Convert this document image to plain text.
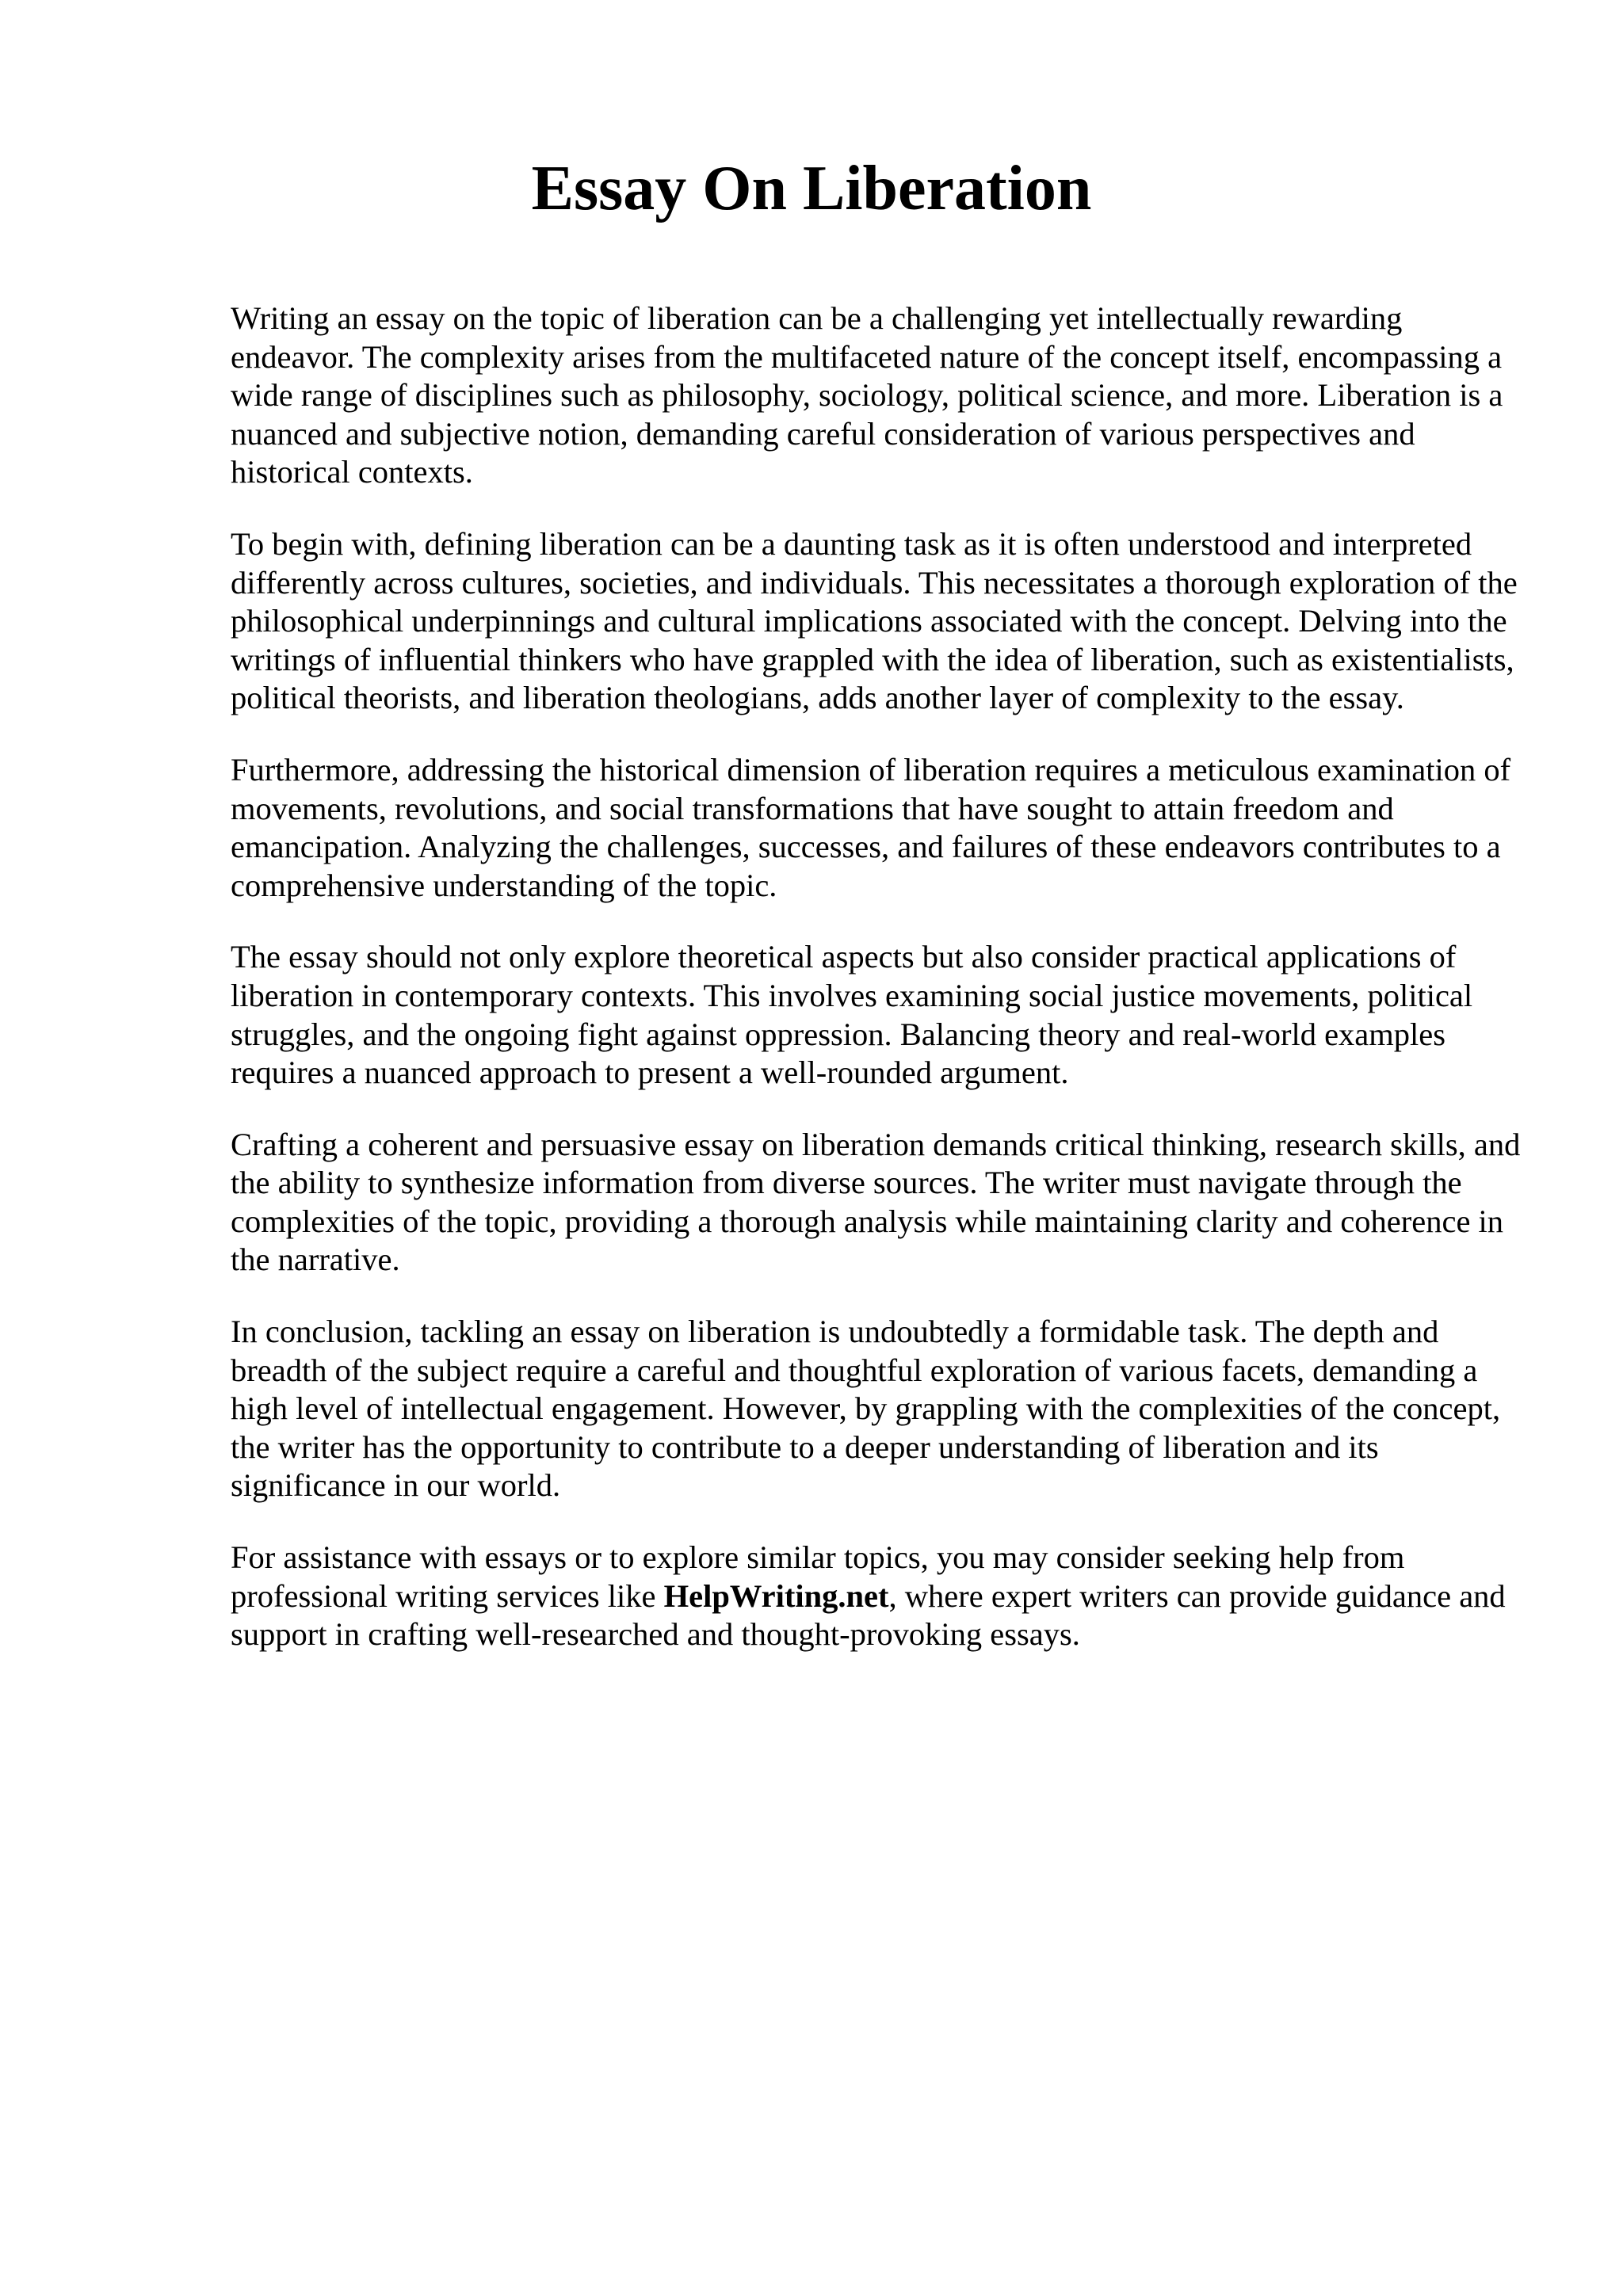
Essay On Liberation

Writing an essay on the topic of liberation can be a challenging yet intellectually rewarding endeavor. The complexity arises from the multifaceted nature of the concept itself, encompassing a wide range of disciplines such as philosophy, sociology, political science, and more. Liberation is a nuanced and subjective notion, demanding careful consideration of various perspectives and historical contexts.

To begin with, defining liberation can be a daunting task as it is often understood and interpreted differently across cultures, societies, and individuals. This necessitates a thorough exploration of the philosophical underpinnings and cultural implications associated with the concept. Delving into the writings of influential thinkers who have grappled with the idea of liberation, such as existentialists, political theorists, and liberation theologians, adds another layer of complexity to the essay.

Furthermore, addressing the historical dimension of liberation requires a meticulous examination of movements, revolutions, and social transformations that have sought to attain freedom and emancipation. Analyzing the challenges, successes, and failures of these endeavors contributes to a comprehensive understanding of the topic.

The essay should not only explore theoretical aspects but also consider practical applications of liberation in contemporary contexts. This involves examining social justice movements, political struggles, and the ongoing fight against oppression. Balancing theory and real-world examples requires a nuanced approach to present a well-rounded argument.

Crafting a coherent and persuasive essay on liberation demands critical thinking, research skills, and the ability to synthesize information from diverse sources. The writer must navigate through the complexities of the topic, providing a thorough analysis while maintaining clarity and coherence in the narrative.

In conclusion, tackling an essay on liberation is undoubtedly a formidable task. The depth and breadth of the subject require a careful and thoughtful exploration of various facets, demanding a high level of intellectual engagement. However, by grappling with the complexities of the concept, the writer has the opportunity to contribute to a deeper understanding of liberation and its significance in our world.

For assistance with essays or to explore similar topics, you may consider seeking help from professional writing services like HelpWriting.net, where expert writers can provide guidance and support in crafting well-researched and thought-provoking essays.
